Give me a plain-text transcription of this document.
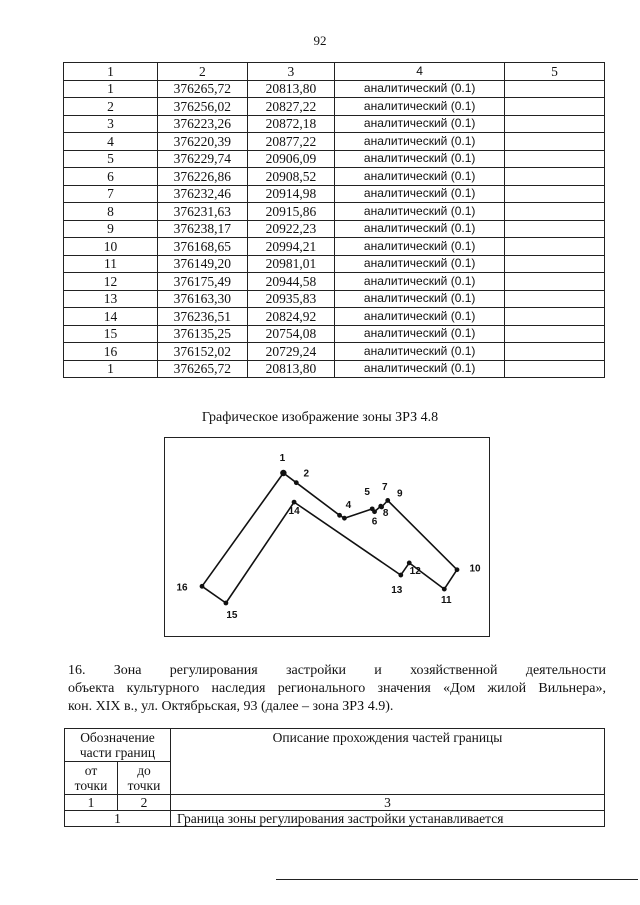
92
1	2	3	4	5
1	376265,72	20813,80	аналитический (0.1)	
2	376256,02	20827,22	аналитический (0.1)	
3	376223,26	20872,18	аналитический (0.1)	
4	376220,39	20877,22	аналитический (0.1)	
5	376229,74	20906,09	аналитический (0.1)	
6	376226,86	20908,52	аналитический (0.1)	
7	376232,46	20914,98	аналитический (0.1)	
8	376231,63	20915,86	аналитический (0.1)	
9	376238,17	20922,23	аналитический (0.1)	
10	376168,65	20994,21	аналитический (0.1)	
11	376149,20	20981,01	аналитический (0.1)	
12	376175,49	20944,58	аналитический (0.1)	
13	376163,30	20935,83	аналитический (0.1)	
14	376236,51	20824,92	аналитический (0.1)	
15	376135,25	20754,08	аналитический (0.1)	
16	376152,02	20729,24	аналитический (0.1)	
1	376265,72	20813,80	аналитический (0.1)	
Графическое изображение зоны ЗРЗ 4.8
1
2
4
5
6
7
8
9
10
11
12
13
14
15
16
16. Зона регулирования застройки и хозяйственной деятельности
объекта культурного наследия регионального значения «Дом жилой Вильнера»,
кон. XIX в., ул. Октябрьская, 93 (далее – зона ЗРЗ 4.9).
Обозначение части границ		Описание прохождения частей границы
от точки	до точки	
1	2	3
1		Граница зоны регулирования застройки устанавливается
